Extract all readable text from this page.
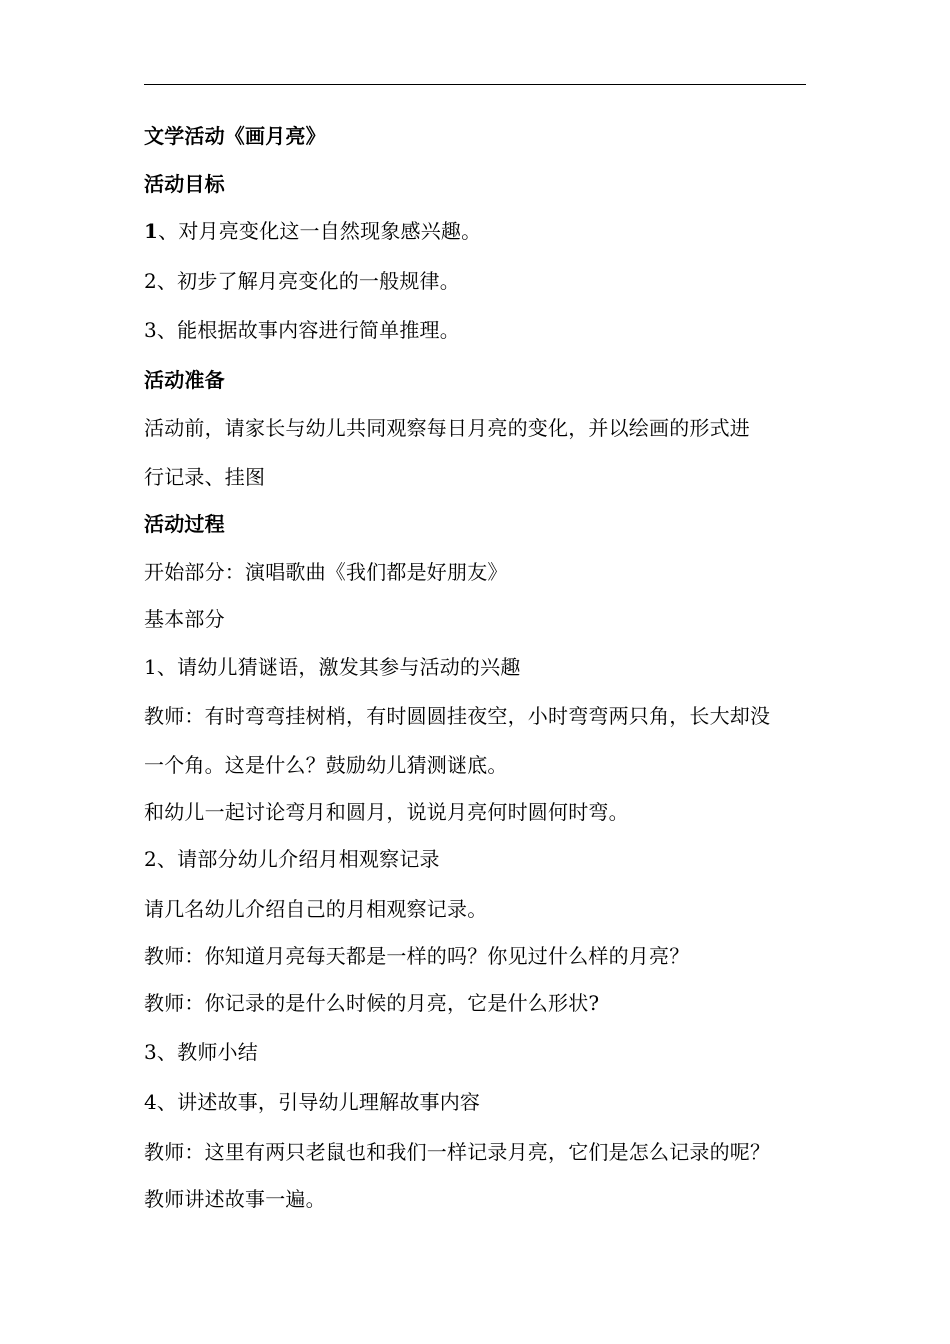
文学活动《画月亮》
活动目标
1、对月亮变化这一自然现象感兴趣。
2、初步了解月亮变化的一般规律。
3、能根据故事内容进行简单推理。
活动准备
活动前，请家长与幼儿共同观察每日月亮的变化，并以绘画的形式进
行记录、挂图
活动过程
开始部分：演唱歌曲《我们都是好朋友》
基本部分
1、请幼儿猜谜语，激发其参与活动的兴趣
教师：有时弯弯挂树梢，有时圆圆挂夜空，小时弯弯两只角，长大却没
一个角。这是什么？鼓励幼儿猜测谜底。
和幼儿一起讨论弯月和圆月，说说月亮何时圆何时弯。
2、请部分幼儿介绍月相观察记录
请几名幼儿介绍自己的月相观察记录。
教师：你知道月亮每天都是一样的吗？你见过什么样的月亮？
教师：你记录的是什么时候的月亮，它是什么形状?
3、教师小结
4、讲述故事，引导幼儿理解故事内容
教师：这里有两只老鼠也和我们一样记录月亮，它们是怎么记录的呢？
教师讲述故事一遍。
